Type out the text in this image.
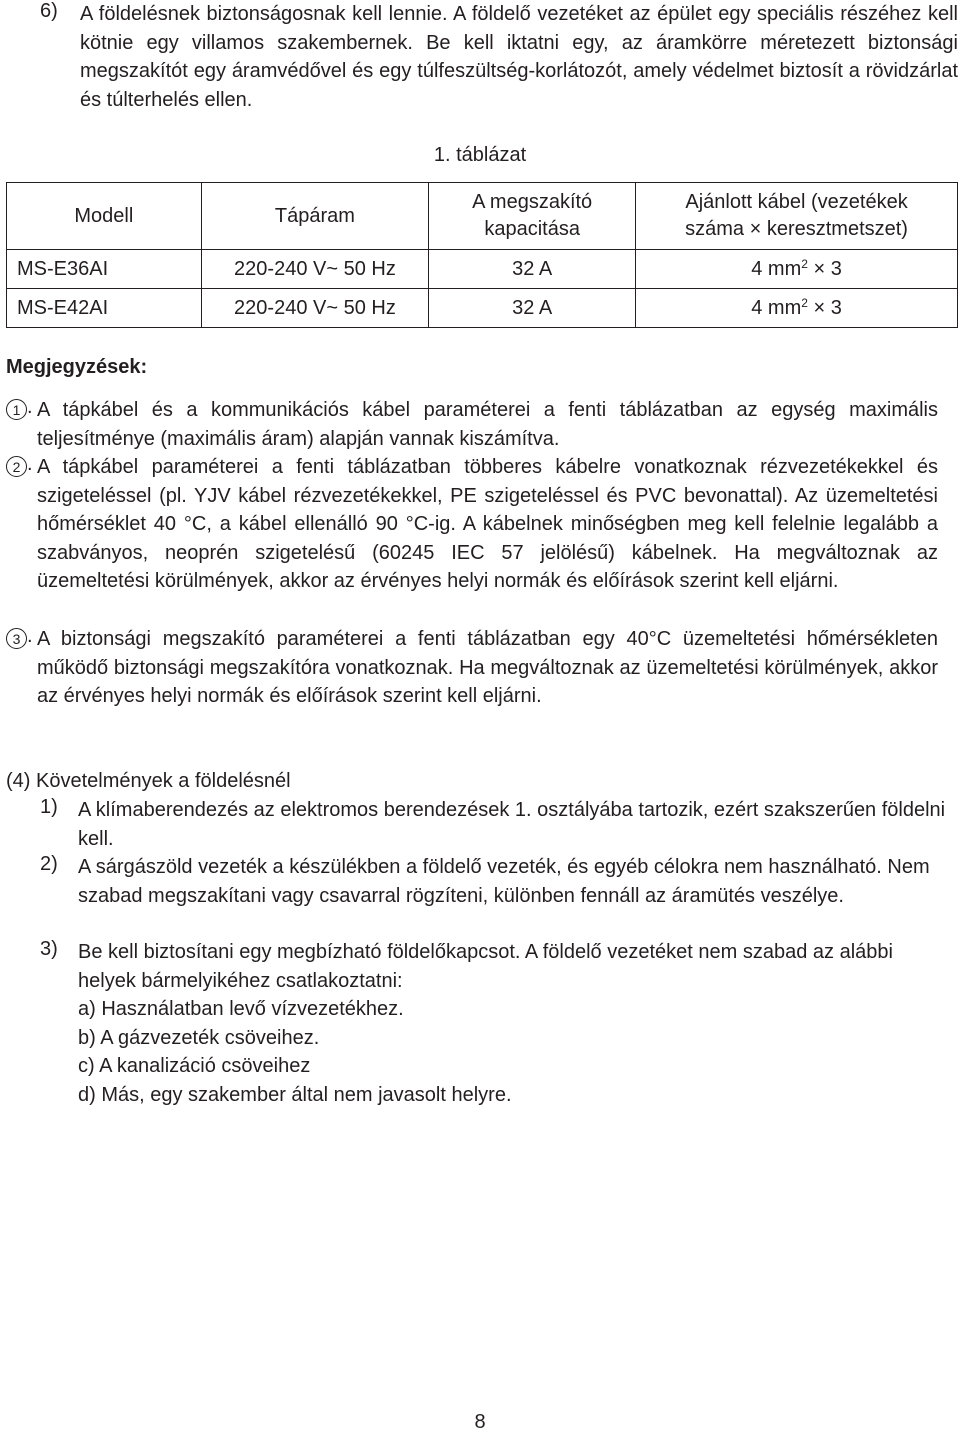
6)	A földelésnek biztonságosnak kell lennie. A földelő vezetéket az épület egy speciális részéhez kell kötnie egy villamos szakembernek. Be kell iktatni egy, az áramkörre méretezett biztonsági megszakítót egy áramvédővel és egy túlfeszültség-korlátozót, amely védelmet biztosít a rövidzárlat és túlterhelés ellen.

1. táblázat
Modell	Tápáram	A megszakító kapacitása	Ajánlott kábel (vezetékek száma × keresztmetszet)
MS-E36AI	220-240 V~ 50 Hz	32 A	4 $mm^2 \times 3$
MS-E42AI	220-240 V~ 50 Hz	32 A	4 $mm^2 \times 3$
Megjegyzések:
1 . A tápkábel és a kommunikációs kábel paraméterei a fenti táblázatban az egység maximális teljesítménye (maximális áram) alapján vannak kiszámítva.

2 . A tápkábel paraméterei a fenti táblázatban többeres kábelre vonatkoznak rézvezetékekkel és szigeteléssel (pl. YJV kábel rézvezetékekkel, PE szigeteléssel és PVC bevonattal). Az üzemeltetési hőmérséklet 40 °C, a kábel ellenálló 90 °C-ig. A kábelnek minőségben meg kell felelnie legalább a szabványos, neoprén szigetelésű (60245 IEC 57 jelölésű) kábelnek. Ha megváltoznak az üzemeltetési körülmények, akkor az érvényes helyi normák és előírások szerint kell eljárni.

3 . A biztonsági megszakító paraméterei a fenti táblázatban egy 40°C üzemeltetési hőmérsékleten működő biztonsági megszakítóra vonatkoznak. Ha megváltoznak az üzemeltetési körülmények, akkor az érvényes helyi normák és előírások szerint kell eljárni.

(4) Követelmények a földelésnél
1)	A klímaberendezés az elektromos berendezések 1. osztályába tartozik, ezért szakszerűen földelni kell.

2)	A sárgászöld vezeték a készülékben a földelő vezeték, és egyéb célokra nem használható. Nem szabad megszakítani vagy csavarral rögzíteni, különben fennáll az áramütés veszélye.

3)	Be kell biztosítani egy megbízható földelőkapcsot. A földelő vezetéket nem szabad az alábbi helyek bármelyikéhez csatlakoztatni:

a) Használatban levő vízvezetékhez.
b) A gázvezeték csöveihez.
c) A kanalizáció csöveihez
d) Más, egy szakember által nem javasolt helyre.
8
